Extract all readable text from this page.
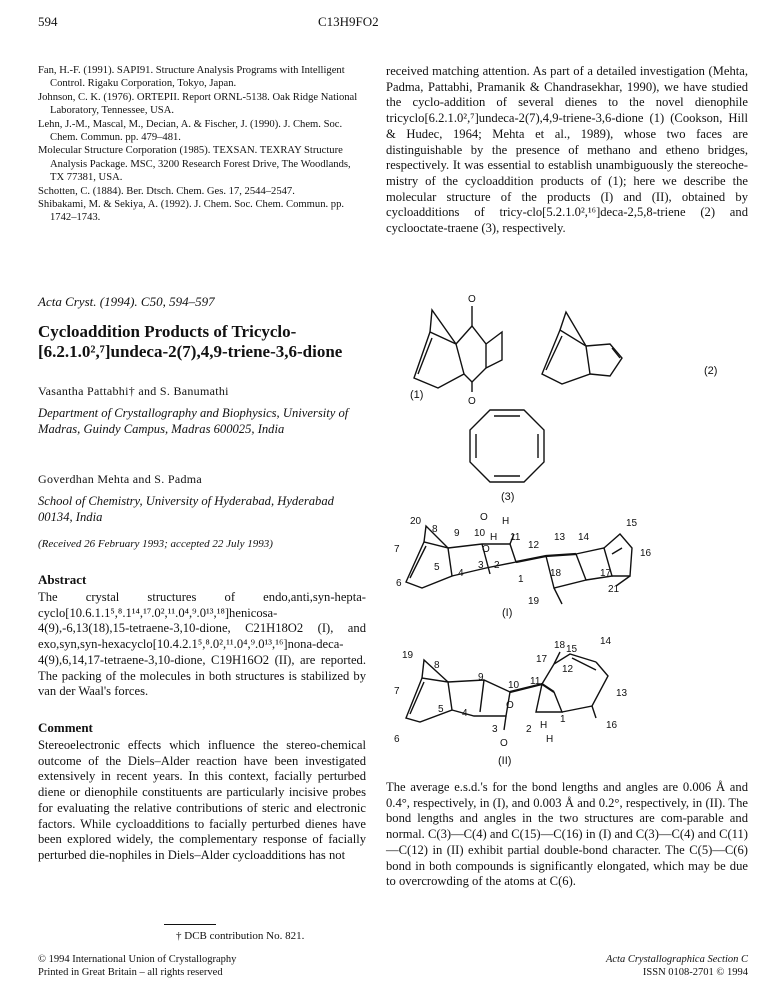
594	C13H9FO2
Fan, H.-F. (1991). SAPI91. Structure Analysis Programs with Intelligent Control. Rigaku Corporation, Tokyo, Japan.
Johnson, C. K. (1976). ORTEPII. Report ORNL-5138. Oak Ridge National Laboratory, Tennessee, USA.
Lehn, J.-M., Mascal, M., Decian, A. & Fischer, J. (1990). J. Chem. Soc. Chem. Commun. pp. 479–481.
Molecular Structure Corporation (1985). TEXSAN. TEXRAY Structure Analysis Package. MSC, 3200 Research Forest Drive, The Woodlands, TX 77381, USA.
Schotten, C. (1884). Ber. Dtsch. Chem. Ges. 17, 2544–2547.
Shibakami, M. & Sekiya, A. (1992). J. Chem. Soc. Chem. Commun. pp. 1742–1743.
received matching attention. As part of a detailed investigation (Mehta, Padma, Pattabhi, Pramanik & Chandrasekhar, 1990), we have studied the cyclo-addition of several dienes to the novel dienophile tricyclo[6.2.1.0²,⁷]undeca-2(7),4,9-triene-3,6-dione (1) (Cookson, Hill & Hudec, 1964; Mehta et al., 1989), whose two faces are distinguishable by the presence of methano and etheno bridges, respectively. It was essential to establish unambiguously the stereoche-mistry of the cycloaddition products of (1); here we describe the molecular structure of the products (I) and (II), obtained by cycloadditions of tricy-clo[5.2.1.0²,¹⁶]deca-2,5,8-triene (2) and cyclooctate-traene (3), respectively.
Acta Cryst. (1994). C50, 594–597
Cycloaddition Products of Tricyclo-[6.2.1.0²,⁷]undeca-2(7),4,9-triene-3,6-dione
Vasantha Pattabhi† and S. Banumathi
Department of Crystallography and Biophysics, University of Madras, Guindy Campus, Madras 600025, India
Goverdhan Mehta and S. Padma
School of Chemistry, University of Hyderabad, Hyderabad 00134, India
(Received 26 February 1993; accepted 22 July 1993)
Abstract
The crystal structures of endo,anti,syn-hepta-cyclo[10.6.1.1⁵,⁸.1¹⁴,¹⁷.0²,¹¹.0⁴,⁹.0¹³,¹⁸]henicosa-4(9),-6,13(18),15-tetraene-3,10-dione, C21H18O2 (I), and exo,syn,syn-hexacyclo[10.4.2.1⁵,⁸.0²,¹¹.0⁴,⁹.0¹³,¹⁶]nona-deca-4(9),6,14,17-tetraene-3,10-dione, C19H16O2 (II), are reported. The packing of the molecules in both structures is stabilized by van der Waal's forces.
Comment
Stereoelectronic effects which influence the stereo-chemical outcome of the Diels–Alder reaction have been investigated extensively in recent years. In this context, facially perturbed diene or dienophile constituents are particularly incisive probes for evaluating the relative contributions of steric and electronic factors. While cycloadditions to facially perturbed dienes have been explored widely, the complementary response of facially perturbed die-nophiles in Diels–Alder cycloadditions has not
O
O
(1)
(2)
(3)
20
8 9 10
O H
11
H
O	12
13 14
15
16
7
5
4
3 2
1
18	17
6
21
19
(I)
19
8
9
10
18
17
15
14
11
12
7	13
5 4
3
O
2 H
1
H
16
6	O
(II)
The average e.s.d.'s for the bond lengths and angles are 0.006 Å and 0.4°, respectively, in (I), and 0.003 Å and 0.2°, respectively, in (II). The bond lengths and angles in the two structures are com-parable and normal. C(3)—C(4) and C(15)—C(16) in (I) and C(3)—C(4) and C(11)—C(12) in (II) exhibit partial double-bond character. The C(5)—C(6) bond in both compounds is significantly elongated, which may be due to overcrowding of the atoms at C(6).
† DCB contribution No. 821.
© 1994 International Union of Crystallography
Printed in Great Britain – all rights reserved
Acta Crystallographica Section C
ISSN 0108-2701 © 1994
